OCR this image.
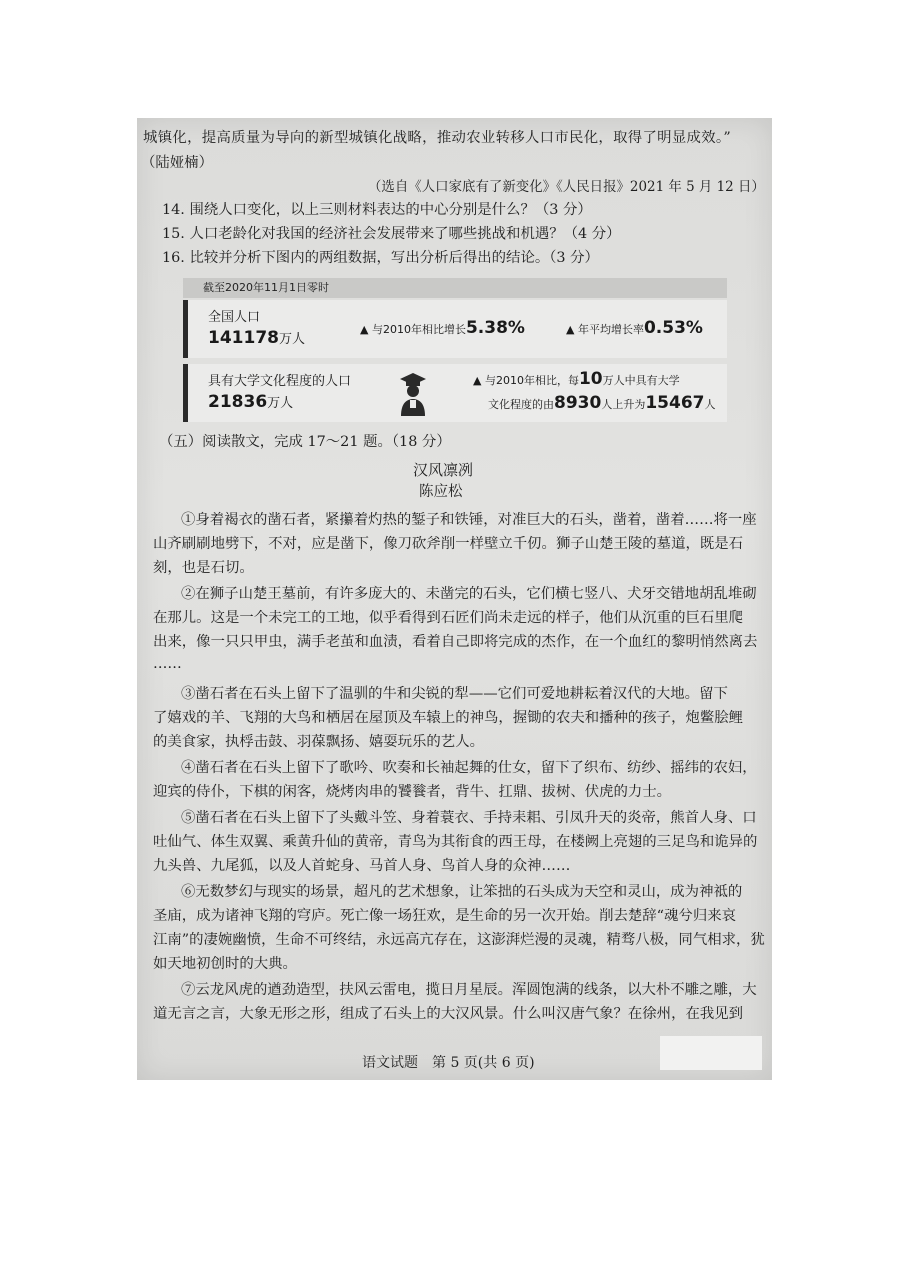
城镇化，提高质量为导向的新型城镇化战略，推动农业转移人口市民化，取得了明显成效。”
（陆娅楠）
（选自《人口家底有了新变化》《人民日报》2021 年 5 月 12 日）
14. 围绕人口变化，以上三则材料表达的中心分别是什么？（3 分）
15. 人口老龄化对我国的经济社会发展带来了哪些挑战和机遇？（4 分）
16. 比较并分析下图内的两组数据，写出分析后得出的结论。（3 分）
截至2020年11月1日零时
全国人口
141178万人
▲ 与2010年相比增长5.38%	▲ 年平均增长率0.53%
具有大学文化程度的人口
21836万人
▲ 与2010年相比，每10万人中具有大学
文化程度的由8930人上升为15467人
（五）阅读散文，完成 17～21 题。（18 分）
汉风凛冽
陈应松
①身着褐衣的凿石者，紧攥着灼热的錾子和铁锤，对准巨大的石头，凿着，凿着……将一座
山齐刷刷地劈下，不对，应是凿下，像刀砍斧削一样壁立千仞。狮子山楚王陵的墓道，既是石
刻，也是石切。
②在狮子山楚王墓前，有许多庞大的、未凿完的石头，它们横七竖八、犬牙交错地胡乱堆砌
在那儿。这是一个未完工的工地，似乎看得到石匠们尚未走远的样子，他们从沉重的巨石里爬
出来，像一只只甲虫，满手老茧和血渍，看着自己即将完成的杰作，在一个血红的黎明悄然离去
……
③凿石者在石头上留下了温驯的牛和尖锐的犁——它们可爱地耕耘着汉代的大地。留下
了嬉戏的羊、飞翔的大鸟和栖居在屋顶及车辕上的神鸟，握锄的农夫和播种的孩子，炮鳖脍鲤
的美食家，执桴击鼓、羽葆飘扬、嬉耍玩乐的艺人。
④凿石者在石头上留下了歌吟、吹奏和长袖起舞的仕女，留下了织布、纺纱、摇纬的农妇，
迎宾的侍仆，下棋的闲客，烧烤肉串的饕餮者，背牛、扛鼎、拔树、伏虎的力士。
⑤凿石者在石头上留下了头戴斗笠、身着蓑衣、手持耒耜、引凤升天的炎帝，熊首人身、口
吐仙气、体生双翼、乘黄升仙的黄帝，青鸟为其衔食的西王母，在楼阙上亮翅的三足鸟和诡异的
九头兽、九尾狐，以及人首蛇身、马首人身、鸟首人身的众神……
⑥无数梦幻与现实的场景，超凡的艺术想象，让笨拙的石头成为天空和灵山，成为神祗的
圣庙，成为诸神飞翔的穹庐。死亡像一场狂欢，是生命的另一次开始。削去楚辞“魂兮归来哀
江南”的凄婉幽愤，生命不可终结，永远高亢存在，这澎湃烂漫的灵魂，精骛八极，同气相求，犹
如天地初创时的大典。
⑦云龙风虎的遒劲造型，扶风云雷电，揽日月星辰。浑圆饱满的线条，以大朴不雕之雕，大
道无言之言，大象无形之形，组成了石头上的大汉风景。什么叫汉唐气象？在徐州，在我见到
语文试题　第 5 页(共 6 页)
